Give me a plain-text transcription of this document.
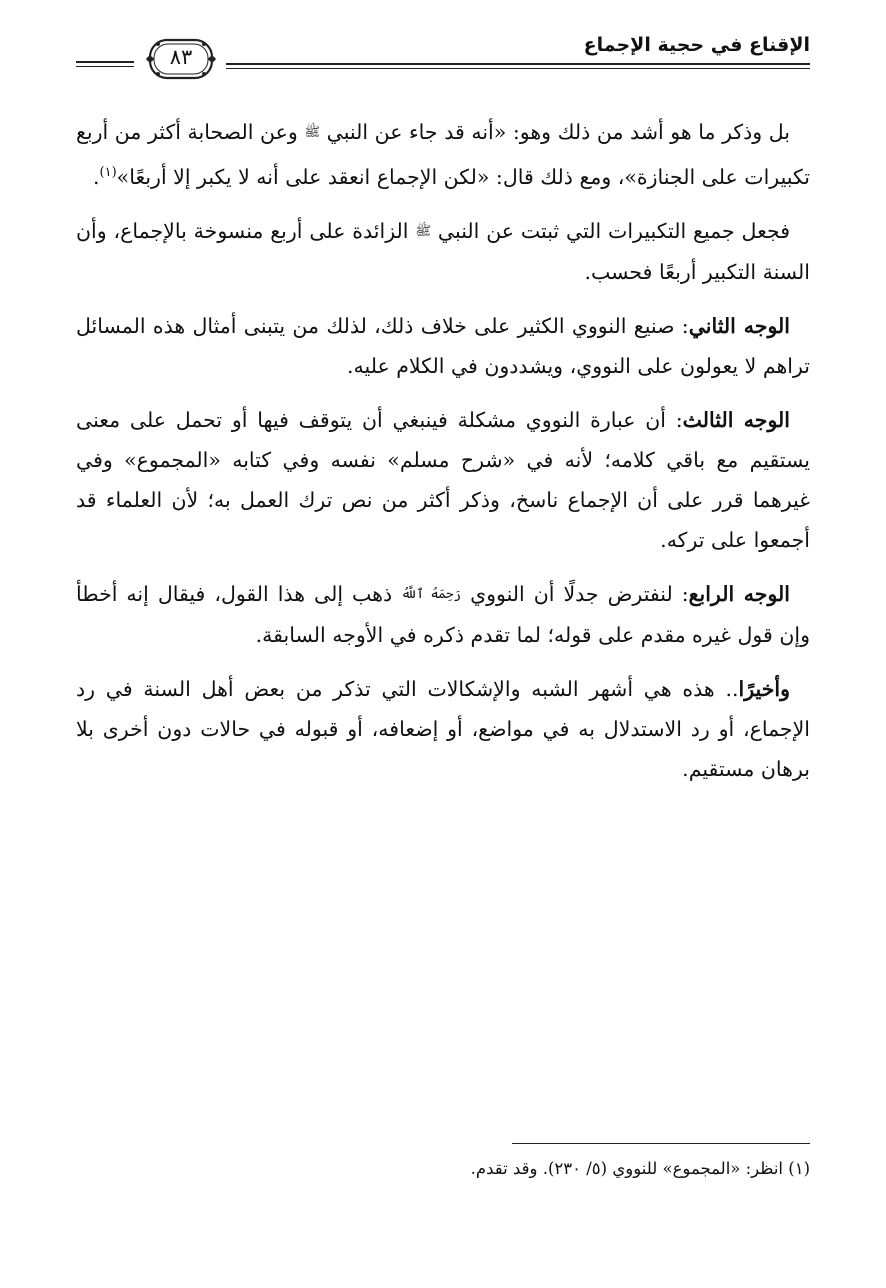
الإقناع في حجية الإجماع
٨٣

بل وذكر ما هو أشد من ذلك وهو: «أنه قد جاء عن النبي ﷺ وعن الصحابة أكثر من أربع تكبيرات على الجنازة»، ومع ذلك قال: «لكن الإجماع انعقد على أنه لا يكبر إلا أربعًا»$^{(١)}$.

فجعل جميع التكبيرات التي ثبتت عن النبي ﷺ الزائدة على أربع منسوخة بالإجماع، وأن السنة التكبير أربعًا فحسب.

الوجه الثاني: صنيع النووي الكثير على خلاف ذلك، لذلك من يتبنى أمثال هذه المسائل تراهم لا يعولون على النووي، ويشددون في الكلام عليه.

الوجه الثالث: أن عبارة النووي مشكلة فينبغي أن يتوقف فيها أو تحمل على معنى يستقيم مع باقي كلامه؛ لأنه في «شرح مسلم» نفسه وفي كتابه «المجموع» وفي غيرهما قرر على أن الإجماع ناسخ، وذكر أكثر من نص ترك العمل به؛ لأن العلماء قد أجمعوا على تركه.

الوجه الرابع: لنفترض جدلًا أن النووي رَحِمَهُ ٱللَّهُ ذهب إلى هذا القول، فيقال إنه أخطأ وإن قول غيره مقدم على قوله؛ لما تقدم ذكره في الأوجه السابقة.

وأخيرًا.. هذه هي أشهر الشبه والإشكالات التي تذكر من بعض أهل السنة في رد الإجماع، أو رد الاستدلال به في مواضع، أو إضعافه، أو قبوله في حالات دون أخرى بلا برهان مستقيم.

(١) انظر: «المجموع» للنووي (٥/ ٢٣٠). وقد تقدم.
